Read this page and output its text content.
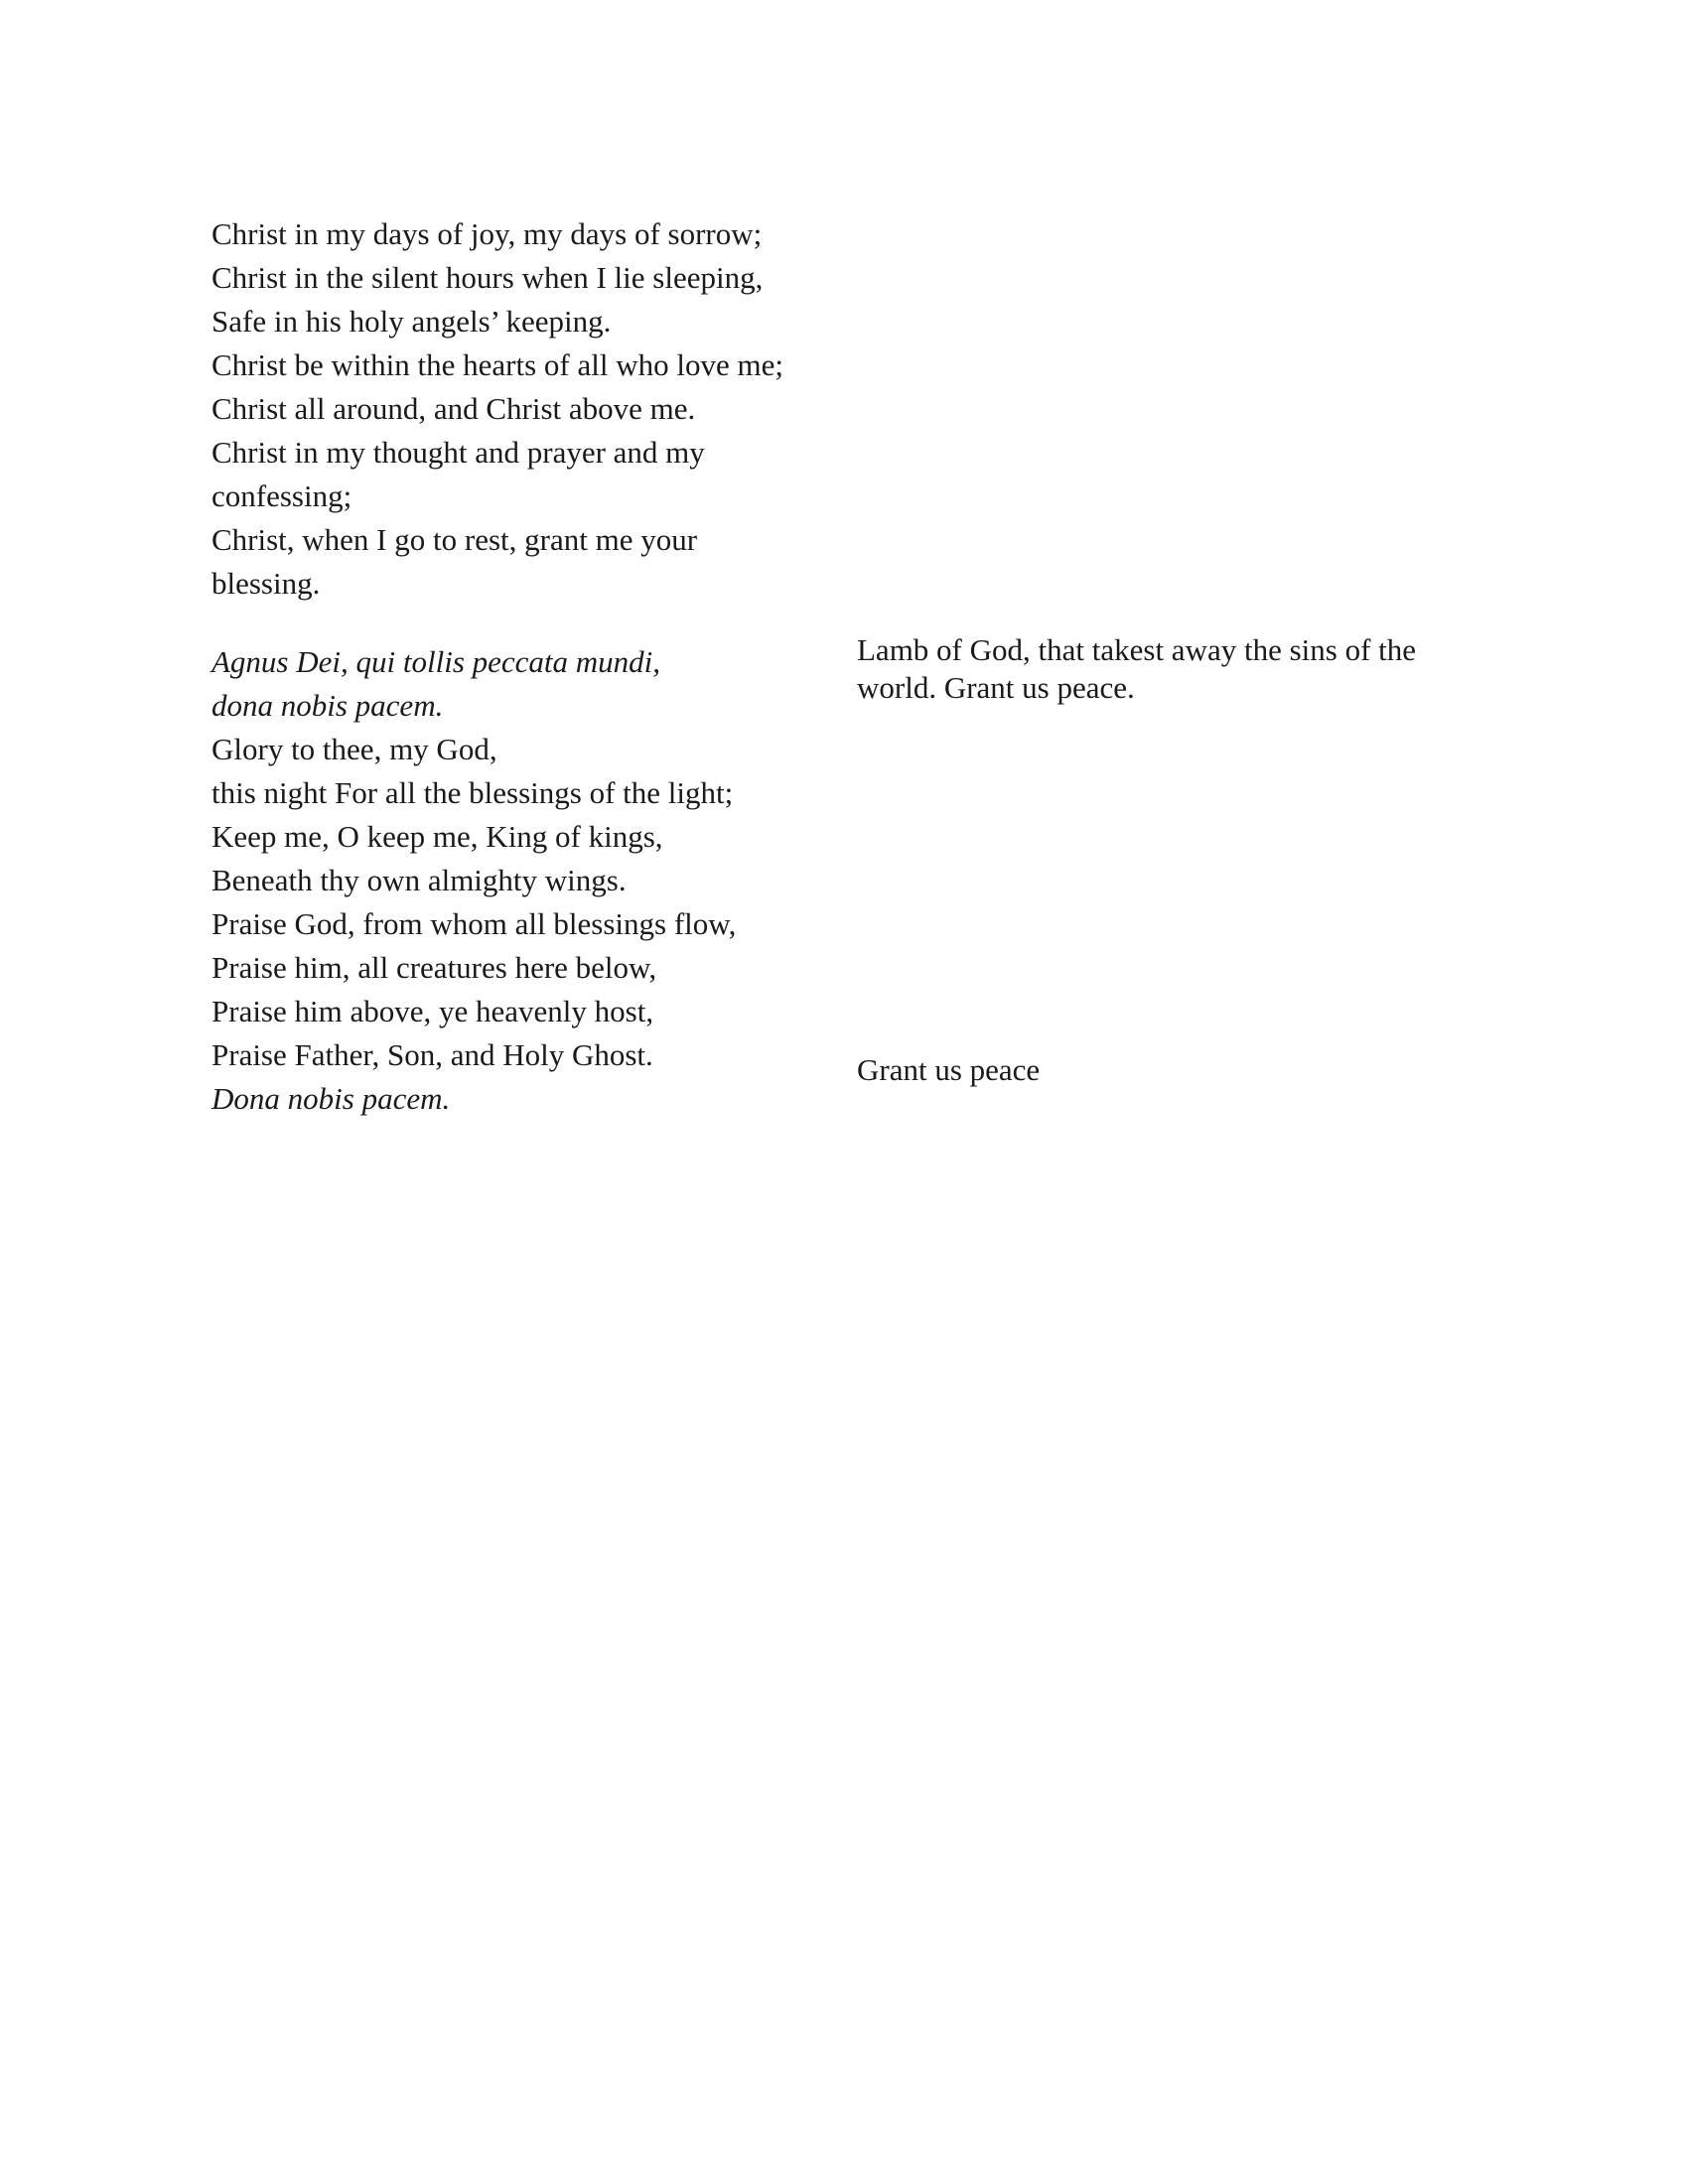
Christ in my days of joy, my days of sorrow;
Christ in the silent hours when I lie sleeping,
Safe in his holy angels’ keeping.
Christ be within the hearts of all who love me;
Christ all around, and Christ above me.
Christ in my thought and prayer and my
confessing;
Christ, when I go to rest, grant me your
blessing.
Agnus Dei, qui tollis peccata mundi,
dona nobis pacem.
Glory to thee, my God,
this night For all the blessings of the light;
Keep me, O keep me, King of kings,
Beneath thy own almighty wings.
Praise God, from whom all blessings flow,
Praise him, all creatures here below,
Praise him above, ye heavenly host,
Praise Father, Son, and Holy Ghost.
Dona nobis pacem.
Lamb of God, that takest away the sins of the
world. Grant us peace.
Grant us peace
